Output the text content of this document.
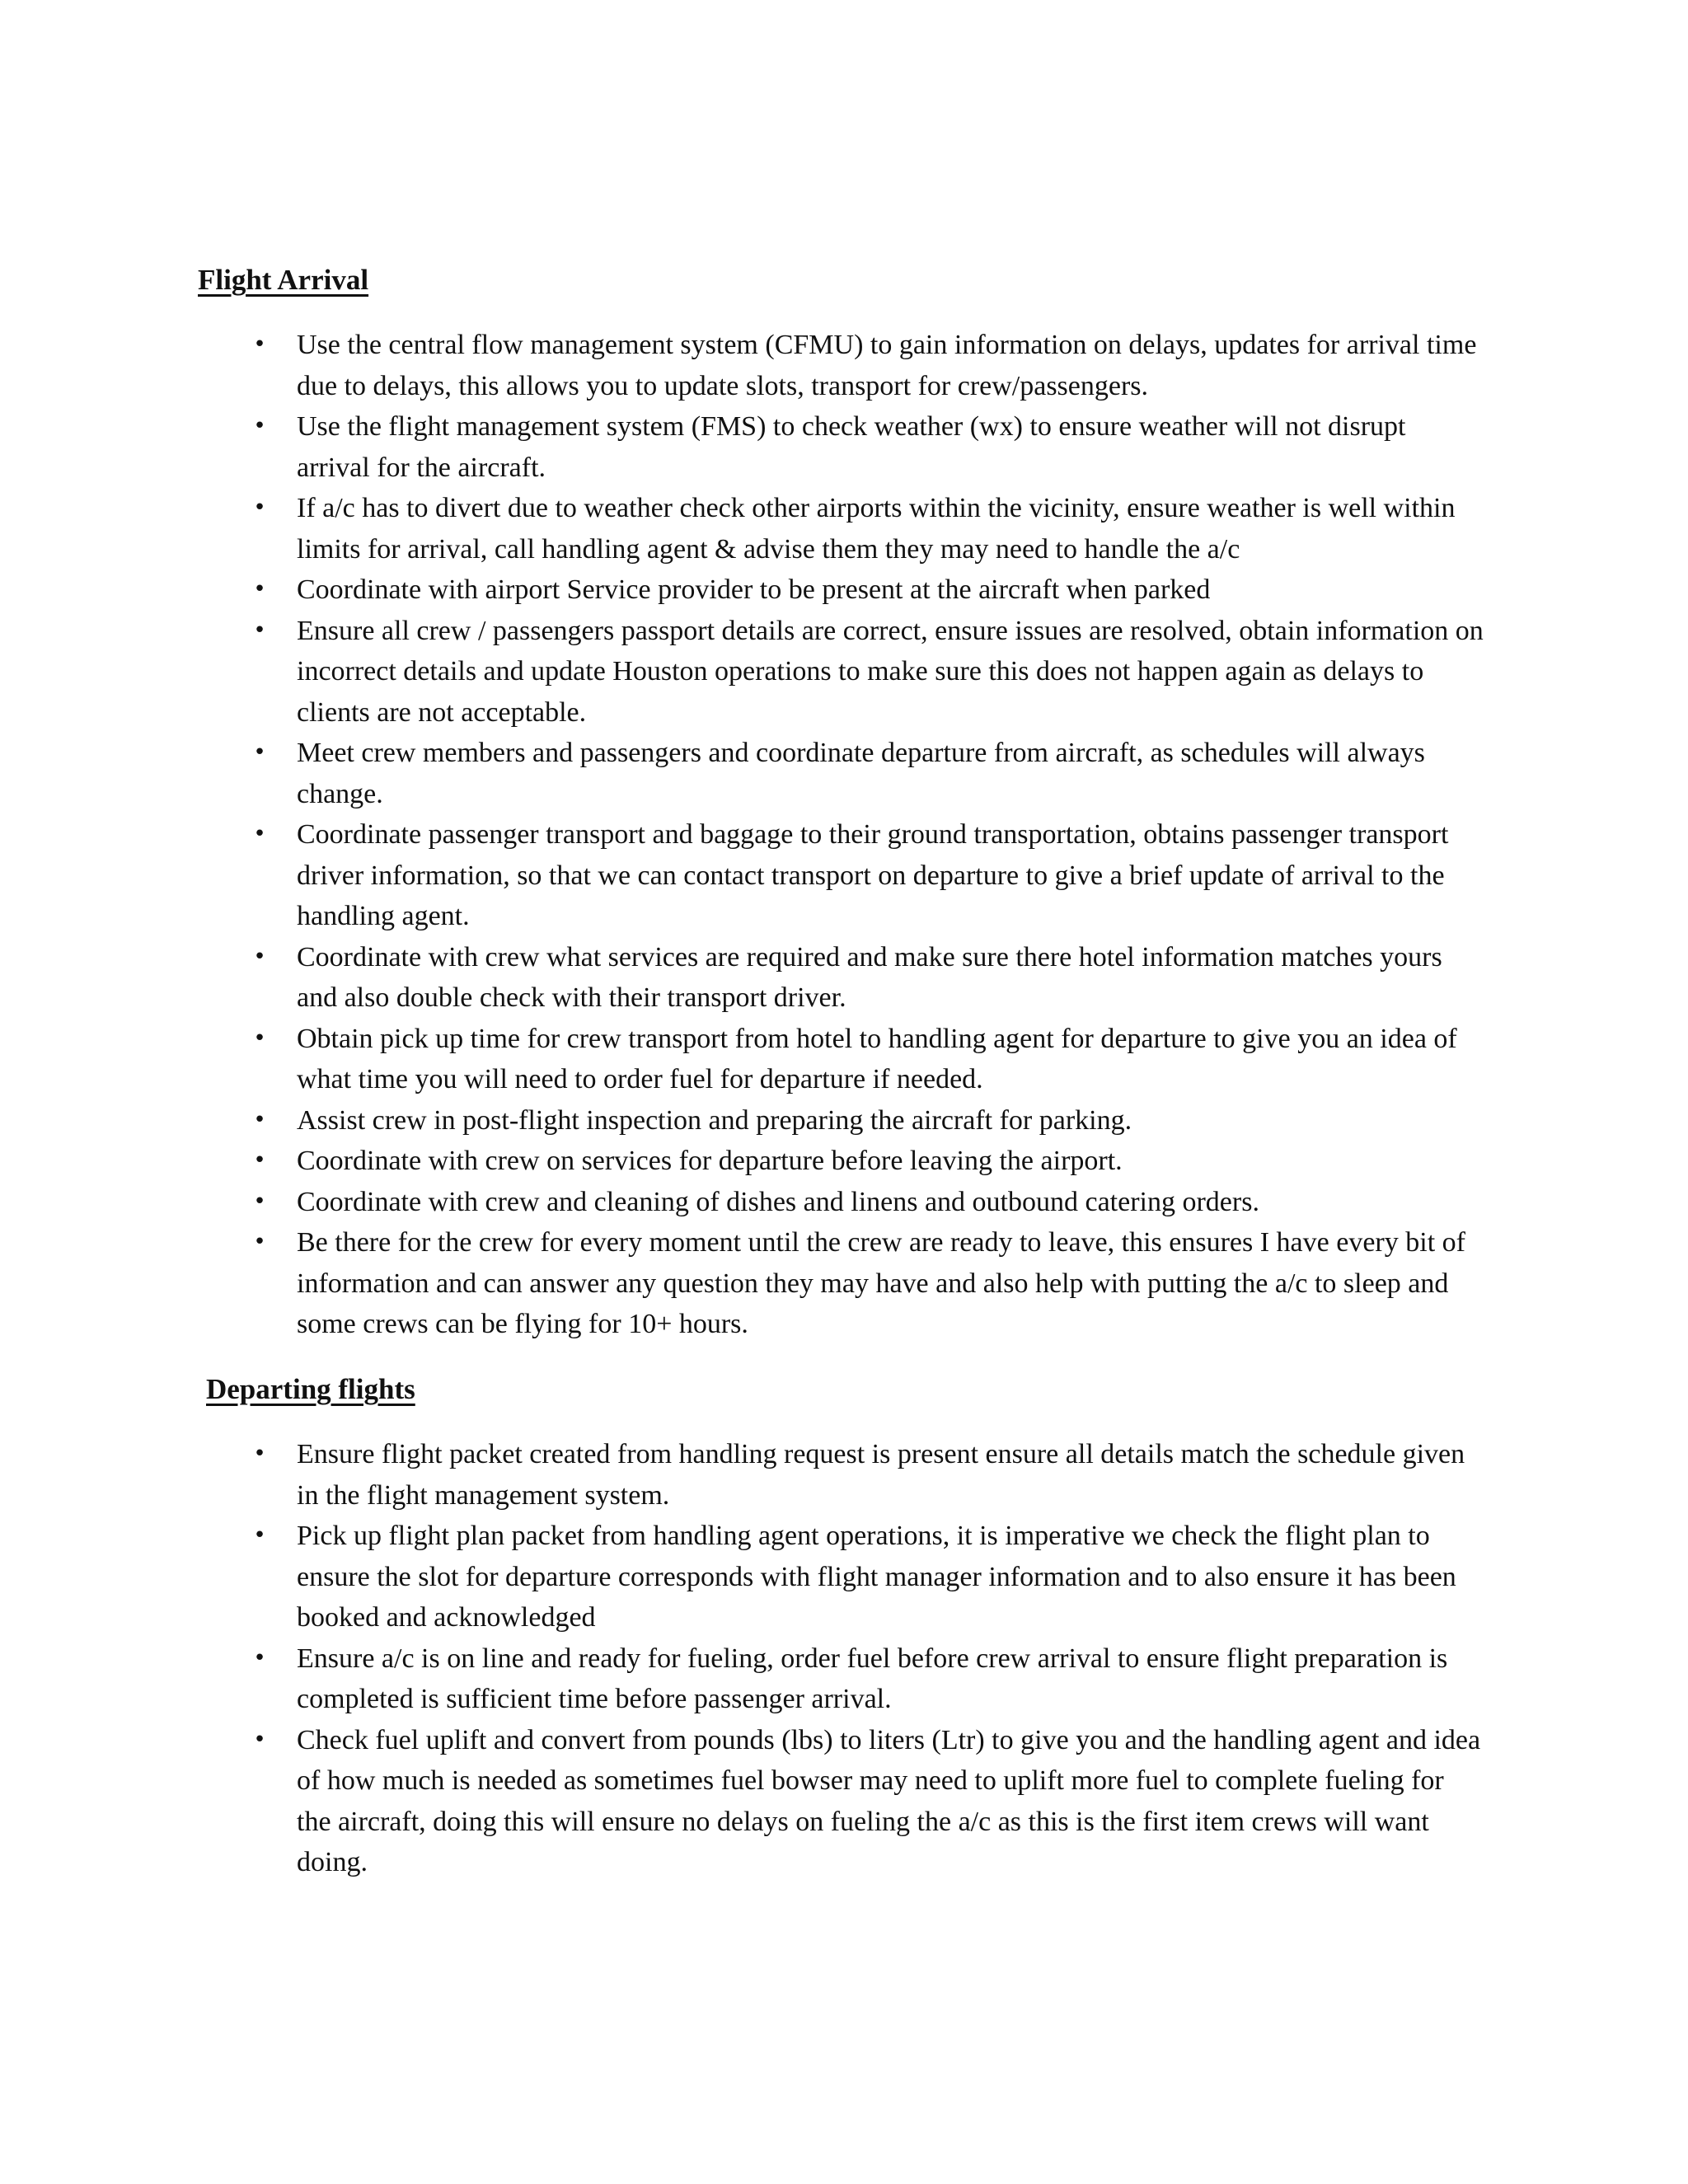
Flight Arrival
• Use the central flow management system (CFMU) to gain information on delays, updates for arrival time due to delays, this allows you to update slots, transport for crew/passengers.
• Use the flight management system (FMS) to check weather (wx) to ensure weather will not disrupt arrival for the aircraft.
• If a/c has to divert due to weather check other airports within the vicinity, ensure weather is well within limits for arrival, call handling agent & advise them they may need to handle the a/c
• Coordinate with airport Service provider to be present at the aircraft when parked
• Ensure all crew / passengers passport details are correct, ensure issues are resolved, obtain information on incorrect details and update Houston operations to make sure this does not happen again as delays to clients are not acceptable.
• Meet crew members and passengers and coordinate departure from aircraft, as schedules will always change.
• Coordinate passenger transport and baggage to their ground transportation, obtains passenger transport driver information, so that we can contact transport on departure to give a brief update of arrival to the handling agent.
• Coordinate with crew what services are required and make sure there hotel information matches yours and also double check with their transport driver.
• Obtain pick up time for crew transport from hotel to handling agent for departure to give you an idea of what time you will need to order fuel for departure if needed.
• Assist crew in post-flight inspection and preparing the aircraft for parking.
• Coordinate with crew on services for departure before leaving the airport.
• Coordinate with crew and cleaning of dishes and linens and outbound catering orders.
• Be there for the crew for every moment until the crew are ready to leave, this ensures I have every bit of information and can answer any question they may have and also help with putting the a/c to sleep and some crews can be flying for 10+ hours.
Departing flights
• Ensure flight packet created from handling request is present ensure all details match the schedule given in the flight management system.
• Pick up flight plan packet from handling agent operations, it is imperative we check the flight plan to ensure the slot for departure corresponds with flight manager information and to also ensure it has been booked and acknowledged
• Ensure a/c is on line and ready for fueling, order fuel before crew arrival to ensure flight preparation is completed is sufficient time before passenger arrival.
• Check fuel uplift and convert from pounds (lbs) to liters (Ltr) to give you and the handling agent and idea of how much is needed as sometimes fuel bowser may need to uplift more fuel to complete fueling for the aircraft, doing this will ensure no delays on fueling the a/c as this is the first item crews will want doing.
